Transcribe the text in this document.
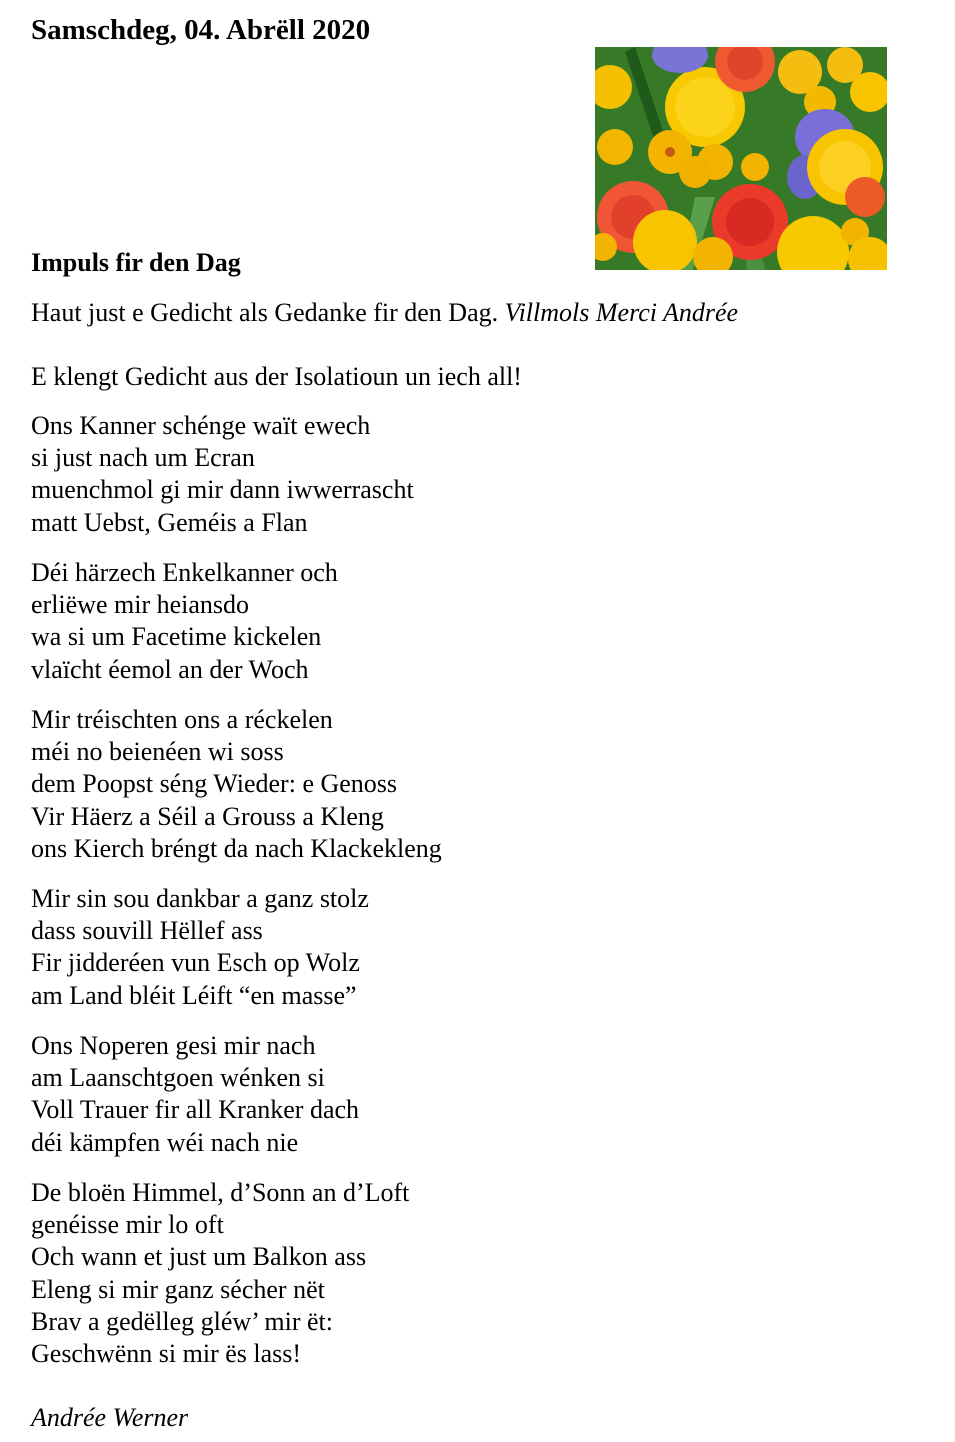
Samschdeg, 04. Abrëll 2020
Impuls fir den Dag
Haut just e Gedicht als Gedanke fir den Dag. Villmols Merci Andrée
E klengt Gedicht aus der Isolatioun un iech all!
Ons Kanner schénge waït ewech
si just nach um Ecran
muenchmol gi mir dann iwwerrascht
matt Uebst, Geméis a Flan
Déi härzech Enkelkanner och
erliëwe mir heiansdo
wa si um Facetime kickelen
vlaïcht éemol an der Woch
Mir tréischten ons a réckelen
méi no beienéen wi soss
dem Poopst séng Wieder: e Genoss
Vir Häerz a Séil a Grouss a Kleng
ons Kierch bréngt da nach Klackekleng
Mir sin sou dankbar a ganz stolz
dass souvill Hëllef ass
Fir jidderéen vun Esch op Wolz
am Land bléit Léift “en masse”
Ons Noperen gesi mir nach
am Laanschtgoen wénken si
Voll Trauer fir all Kranker dach
déi kämpfen wéi nach nie
De bloën Himmel, d’Sonn an d’Loft
genéisse mir lo oft
Och wann et just um Balkon ass
Eleng si mir ganz sécher nët
Brav a gedëlleg gléw’ mir ët:
Geschwënn si mir ës lass!
Andrée Werner
